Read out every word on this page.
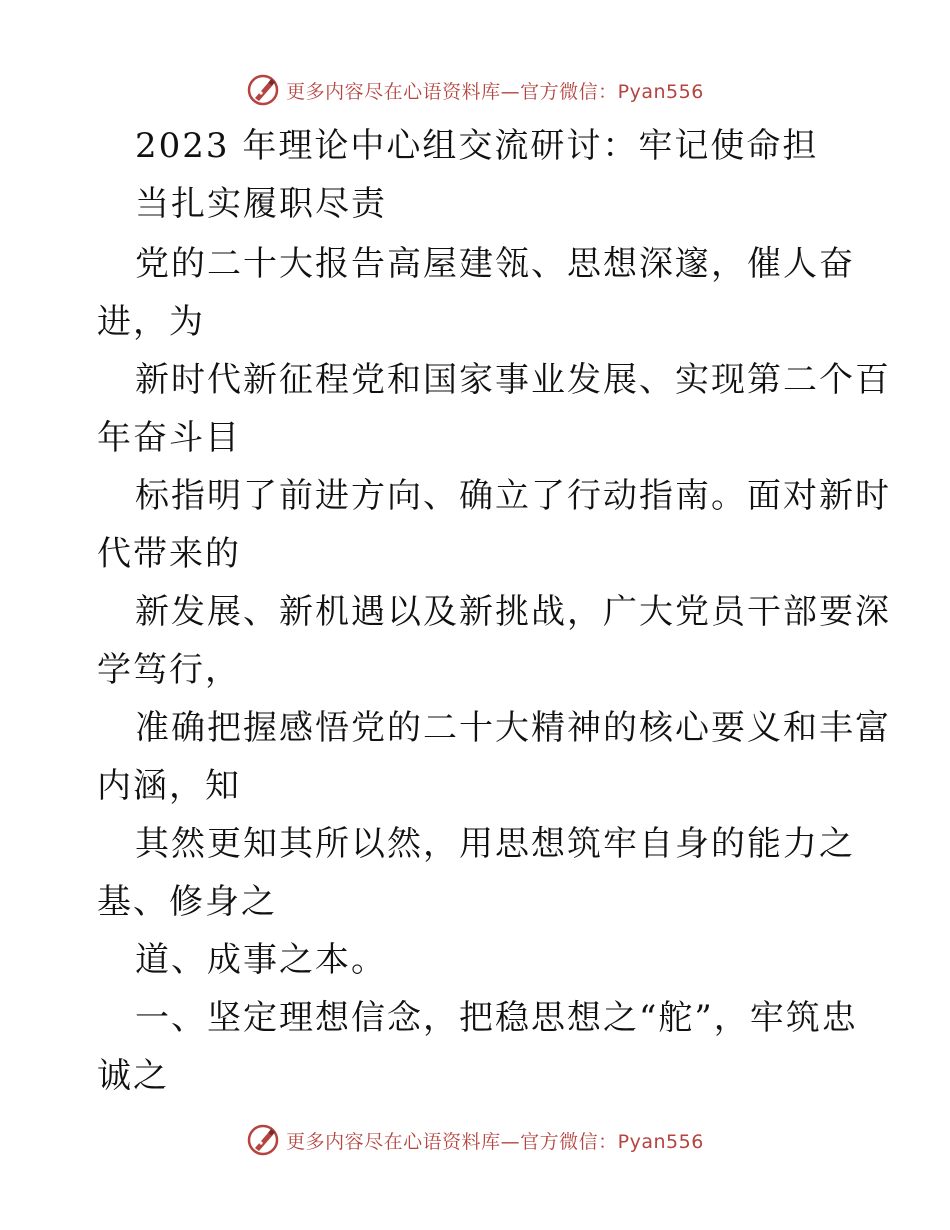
更多内容尽在心语资料库—官方微信：Pyan556
2023 年理论中心组交流研讨：牢记使命担
当扎实履职尽责
党的二十大报告高屋建瓴、思想深邃，催人奋
进，为
新时代新征程党和国家事业发展、实现第二个百
年奋斗目
标指明了前进方向、确立了行动指南。面对新时
代带来的
新发展、新机遇以及新挑战，广大党员干部要深
学笃行，
准确把握感悟党的二十大精神的核心要义和丰富
内涵，知
其然更知其所以然，用思想筑牢自身的能力之
基、修身之
道、成事之本。
一、坚定理想信念，把稳思想之“舵”，牢筑忠
诚之
更多内容尽在心语资料库—官方微信：Pyan556
